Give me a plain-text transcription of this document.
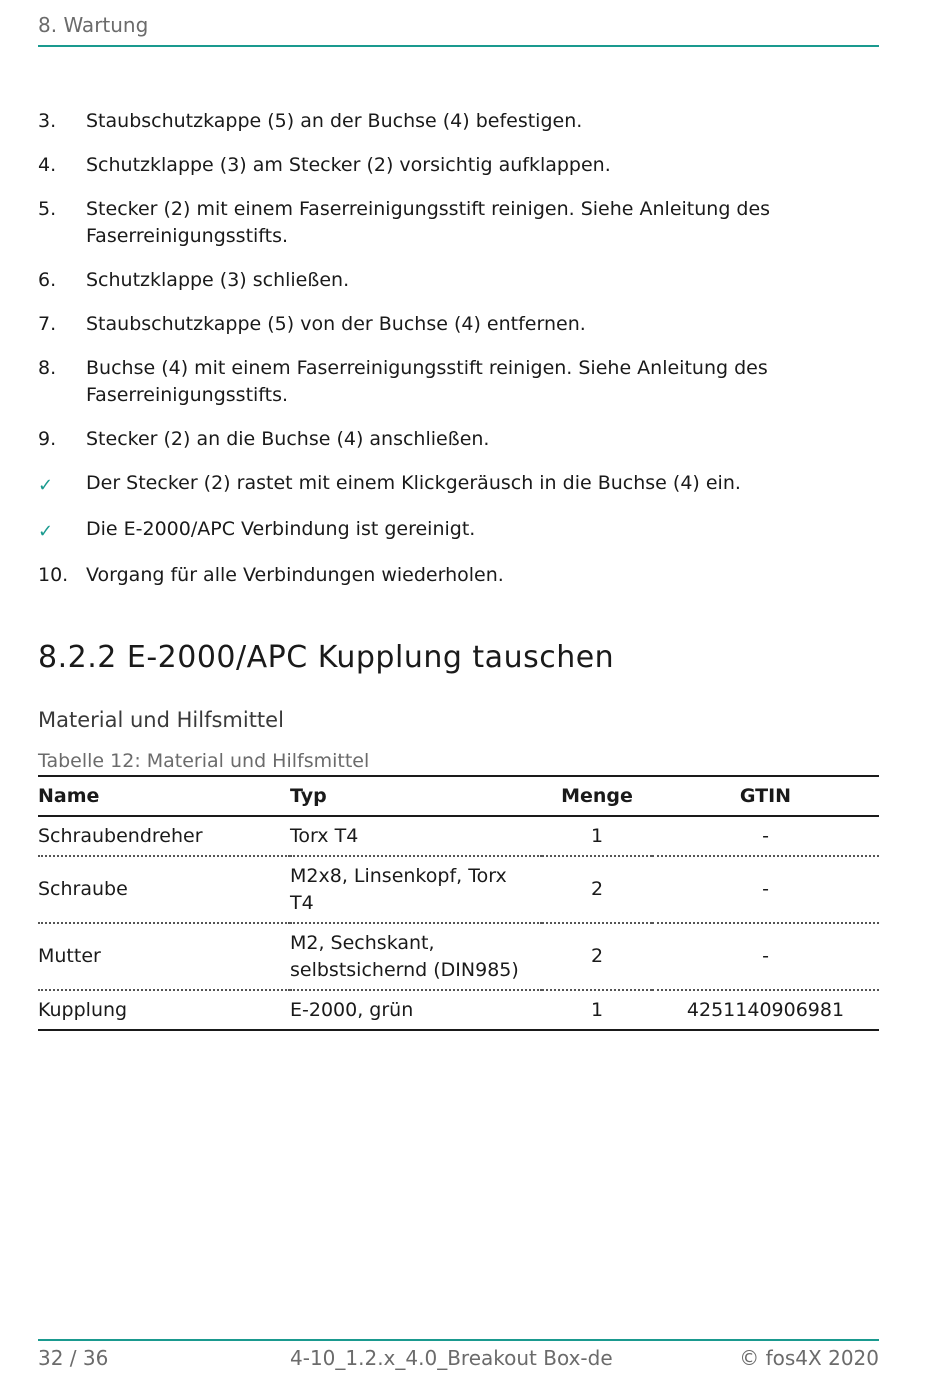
8. Wartung
3.	Staubschutzkappe (5) an der Buchse (4) befestigen.
4.	Schutzklappe (3) am Stecker (2) vorsichtig aufklappen.
5.	Stecker (2) mit einem Faserreinigungsstift reinigen. Siehe Anleitung des Faserreinigungsstifts.
6.	Schutzklappe (3) schließen.
7.	Staubschutzkappe (5) von der Buchse (4) entfernen.
8.	Buchse (4) mit einem Faserreinigungsstift reinigen. Siehe Anleitung des Faserreinigungsstifts.
9.	Stecker (2) an die Buchse (4) anschließen.
✓	Der Stecker (2) rastet mit einem Klickgeräusch in die Buchse (4) ein.
✓	Die E-2000/APC Verbindung ist gereinigt.
10. Vorgang für alle Verbindungen wiederholen.
8.2.2 E-2000/APC Kupplung tauschen
Material und Hilfsmittel
Tabelle 12: Material und Hilfsmittel
Name	Typ	Menge	GTIN
Schraubendreher	Torx T4	1	-
Schraube	M2x8, Linsenkopf, Torx T4	2	-
Mutter	M2, Sechskant, selbstsichernd (DIN985)	2	-
Kupplung	E-2000, grün	1	4251140906981
32 / 36	4-10_1.2.x_4.0_Breakout Box-de	© fos4X 2020
